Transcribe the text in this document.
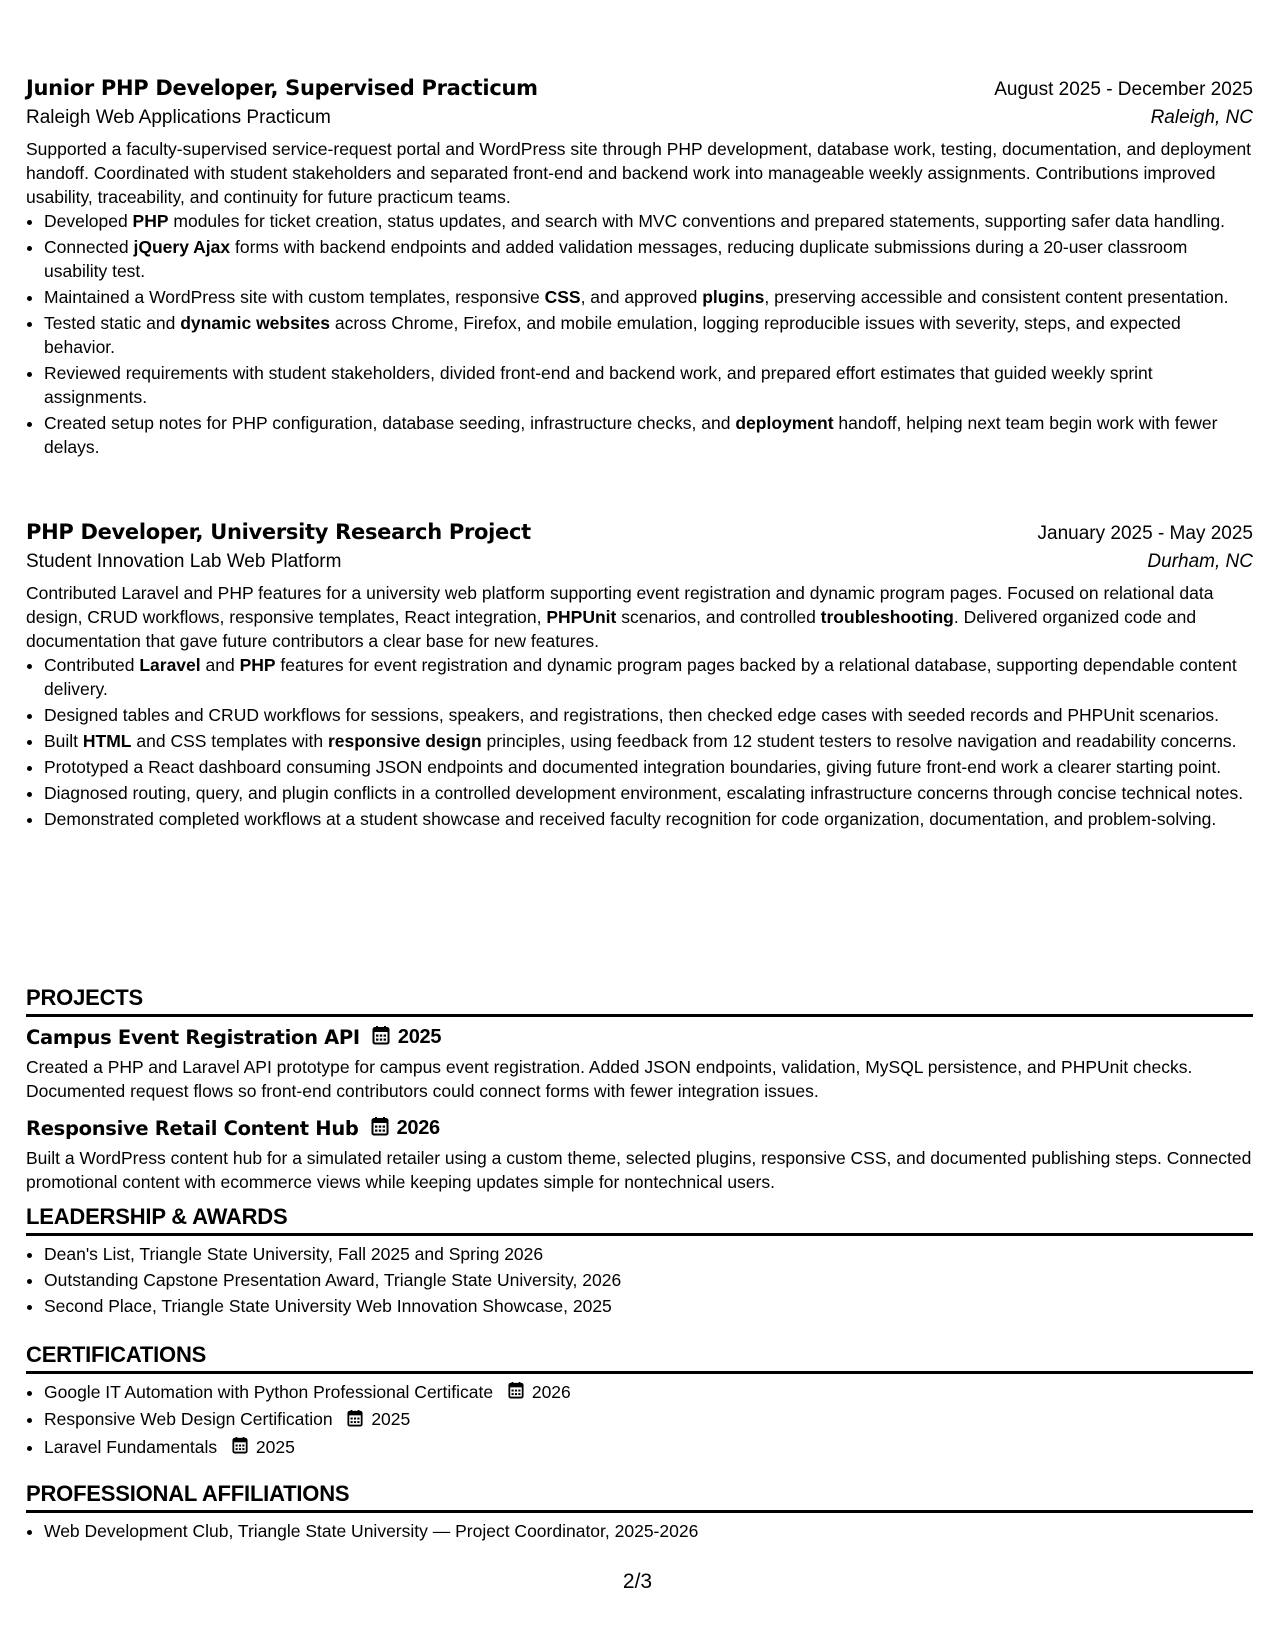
Junior PHP Developer, Supervised Practicum	August 2025 - December 2025
Raleigh Web Applications Practicum	Raleigh, NC
Supported a faculty-supervised service-request portal and WordPress site through PHP development, database work, testing, documentation, and deployment handoff. Coordinated with student stakeholders and separated front-end and backend work into manageable weekly assignments. Contributions improved usability, traceability, and continuity for future practicum teams.
• Developed PHP modules for ticket creation, status updates, and search with MVC conventions and prepared statements, supporting safer data handling.
• Connected jQuery Ajax forms with backend endpoints and added validation messages, reducing duplicate submissions during a 20-user classroom usability test.
• Maintained a WordPress site with custom templates, responsive CSS, and approved plugins, preserving accessible and consistent content presentation.
• Tested static and dynamic websites across Chrome, Firefox, and mobile emulation, logging reproducible issues with severity, steps, and expected behavior.
• Reviewed requirements with student stakeholders, divided front-end and backend work, and prepared effort estimates that guided weekly sprint assignments.
• Created setup notes for PHP configuration, database seeding, infrastructure checks, and deployment handoff, helping next team begin work with fewer delays.
PHP Developer, University Research Project	January 2025 - May 2025
Student Innovation Lab Web Platform	Durham, NC
Contributed Laravel and PHP features for a university web platform supporting event registration and dynamic program pages. Focused on relational data design, CRUD workflows, responsive templates, React integration, PHPUnit scenarios, and controlled troubleshooting. Delivered organized code and documentation that gave future contributors a clear base for new features.
• Contributed Laravel and PHP features for event registration and dynamic program pages backed by a relational database, supporting dependable content delivery.
• Designed tables and CRUD workflows for sessions, speakers, and registrations, then checked edge cases with seeded records and PHPUnit scenarios.
• Built HTML and CSS templates with responsive design principles, using feedback from 12 student testers to resolve navigation and readability concerns.
• Prototyped a React dashboard consuming JSON endpoints and documented integration boundaries, giving future front-end work a clearer starting point.
• Diagnosed routing, query, and plugin conflicts in a controlled development environment, escalating infrastructure concerns through concise technical notes.
• Demonstrated completed workflows at a student showcase and received faculty recognition for code organization, documentation, and problem-solving.
PROJECTS
Campus Event Registration API 2025
Created a PHP and Laravel API prototype for campus event registration. Added JSON endpoints, validation, MySQL persistence, and PHPUnit checks. Documented request flows so front-end contributors could connect forms with fewer integration issues.
Responsive Retail Content Hub 2026
Built a WordPress content hub for a simulated retailer using a custom theme, selected plugins, responsive CSS, and documented publishing steps. Connected promotional content with ecommerce views while keeping updates simple for nontechnical users.
LEADERSHIP & AWARDS
• Dean's List, Triangle State University, Fall 2025 and Spring 2026
• Outstanding Capstone Presentation Award, Triangle State University, 2026
• Second Place, Triangle State University Web Innovation Showcase, 2025
CERTIFICATIONS
• Google IT Automation with Python Professional Certificate 2026
• Responsive Web Design Certification 2025
• Laravel Fundamentals 2025
PROFESSIONAL AFFILIATIONS
• Web Development Club, Triangle State University — Project Coordinator, 2025-2026
2/3
